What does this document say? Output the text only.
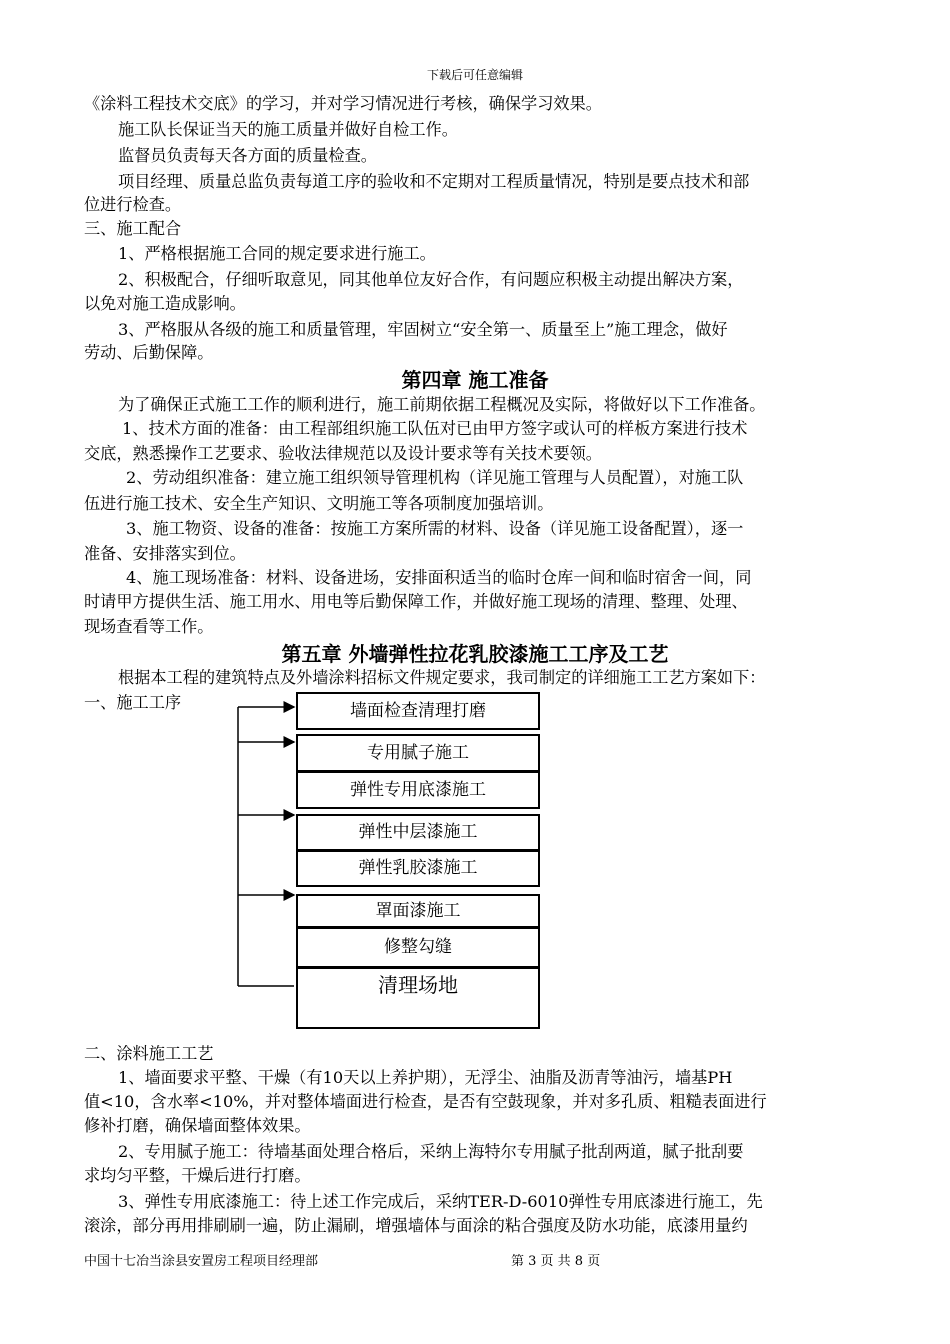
下载后可任意编辑
《涂料工程技术交底》的学习，并对学习情况进行考核，确保学习效果。
施工队长保证当天的施工质量并做好自检工作。
监督员负责每天各方面的质量检查。
项目经理、质量总监负责每道工序的验收和不定期对工程质量情况，特别是要点技术和部
位进行检查。
三、施工配合
1、严格根据施工合同的规定要求进行施工。
2、积极配合，仔细听取意见，同其他单位友好合作，有问题应积极主动提出解决方案，
以免对施工造成影响。
3、严格服从各级的施工和质量管理，牢固树立“安全第一、质量至上”施工理念，做好
劳动、后勤保障。
第四章 施工准备
为了确保正式施工工作的顺利进行，施工前期依据工程概况及实际，将做好以下工作准备。
1、技术方面的准备：由工程部组织施工队伍对已由甲方签字或认可的样板方案进行技术
交底，熟悉操作工艺要求、验收法律规范以及设计要求等有关技术要领。
2、劳动组织准备：建立施工组织领导管理机构（详见施工管理与人员配置），对施工队
伍进行施工技术、安全生产知识、文明施工等各项制度加强培训。
3、施工物资、设备的准备：按施工方案所需的材料、设备（详见施工设备配置），逐一
准备、安排落实到位。
4、施工现场准备：材料、设备进场，安排面积适当的临时仓库一间和临时宿舍一间，同
时请甲方提供生活、施工用水、用电等后勤保障工作，并做好施工现场的清理、整理、处理、
现场查看等工作。
第五章 外墙弹性拉花乳胶漆施工工序及工艺
根据本工程的建筑特点及外墙涂料招标文件规定要求，我司制定的详细施工工艺方案如下：
一、施工工序	墙面检查清理打磨
专用腻子施工
弹性专用底漆施工
弹性中层漆施工
弹性乳胶漆施工
罩面漆施工
修整勾缝
清理场地
二、涂料施工工艺
1、墙面要求平整、干燥（有10天以上养护期），无浮尘、油脂及沥青等油污，墙基PH
值<10，含水率<10%，并对整体墙面进行检查，是否有空鼓现象，并对多孔质、粗糙表面进行
修补打磨，确保墙面整体效果。
2、专用腻子施工：待墙基面处理合格后，采纳上海特尔专用腻子批刮两道，腻子批刮要
求均匀平整，干燥后进行打磨。
3、弹性专用底漆施工：待上述工作完成后，采纳TER-D-6010弹性专用底漆进行施工，先
滚涂，部分再用排刷刷一遍，防止漏刷，增强墙体与面涂的粘合强度及防水功能，底漆用量约
中国十七冶当涂县安置房工程项目经理部	第 3 页 共 8 页
